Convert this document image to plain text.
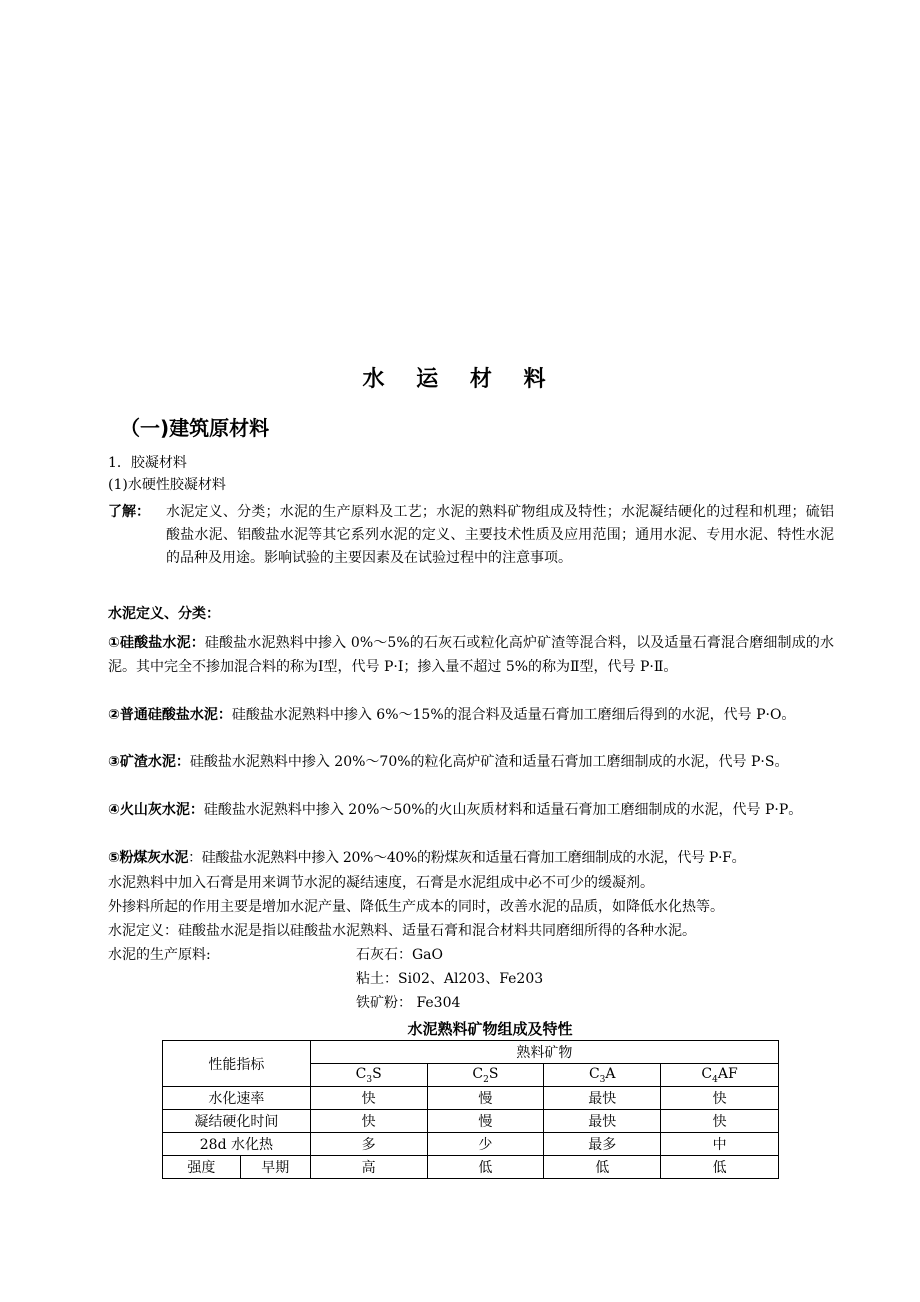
水 运 材 料
（一)建筑原材料
1．胶凝材料
(1)水硬性胶凝材料
了解： 水泥定义、分类；水泥的生产原料及工艺；水泥的熟料矿物组成及特性；水泥凝结硬化的过程和机理；硫铝酸盐水泥、铝酸盐水泥等其它系列水泥的定义、主要技术性质及应用范围；通用水泥、专用水泥、特性水泥的品种及用途。影响试验的主要因素及在试验过程中的注意事项。
水泥定义、分类：
①硅酸盐水泥：硅酸盐水泥熟料中掺入 0%～5%的石灰石或粒化高炉矿渣等混合料，以及适量石膏混合磨细制成的水泥。其中完全不掺加混合料的称为Ⅰ型，代号 P·I；掺入量不超过 5%的称为Ⅱ型，代号 P·Ⅱ。
②普通硅酸盐水泥：硅酸盐水泥熟料中掺入 6%～15%的混合料及适量石膏加工磨细后得到的水泥，代号 P·O。
③矿渣水泥：硅酸盐水泥熟料中掺入 20%～70%的粒化高炉矿渣和适量石膏加工磨细制成的水泥，代号 P·S。
④火山灰水泥：硅酸盐水泥熟料中掺入 20%～50%的火山灰质材料和适量石膏加工磨细制成的水泥，代号 P·P。
⑤粉煤灰水泥：硅酸盐水泥熟料中掺入 20%～40%的粉煤灰和适量石膏加工磨细制成的水泥，代号 P·F。
水泥熟料中加入石膏是用来调节水泥的凝结速度，石膏是水泥组成中必不可少的缓凝剂。
外掺料所起的作用主要是增加水泥产量、降低生产成本的同时，改善水泥的品质，如降低水化热等。
水泥定义：硅酸盐水泥是指以硅酸盐水泥熟料、适量石膏和混合材料共同磨细所得的各种水泥。
水泥的生产原料:	石灰石：GaO
粘土：Si02、Al203、Fe203
铁矿粉： Fe304
水泥熟料矿物组成及特性
性能指标		熟料矿物			
		$C_3S$	$C_2S$	$C_3A$	$C_4AF$
水化速率		快	慢	最快	快
凝结硬化时间		快	慢	最快	快
28d 水化热		多	少	最多	中
强度	早期	高	低	低	低
